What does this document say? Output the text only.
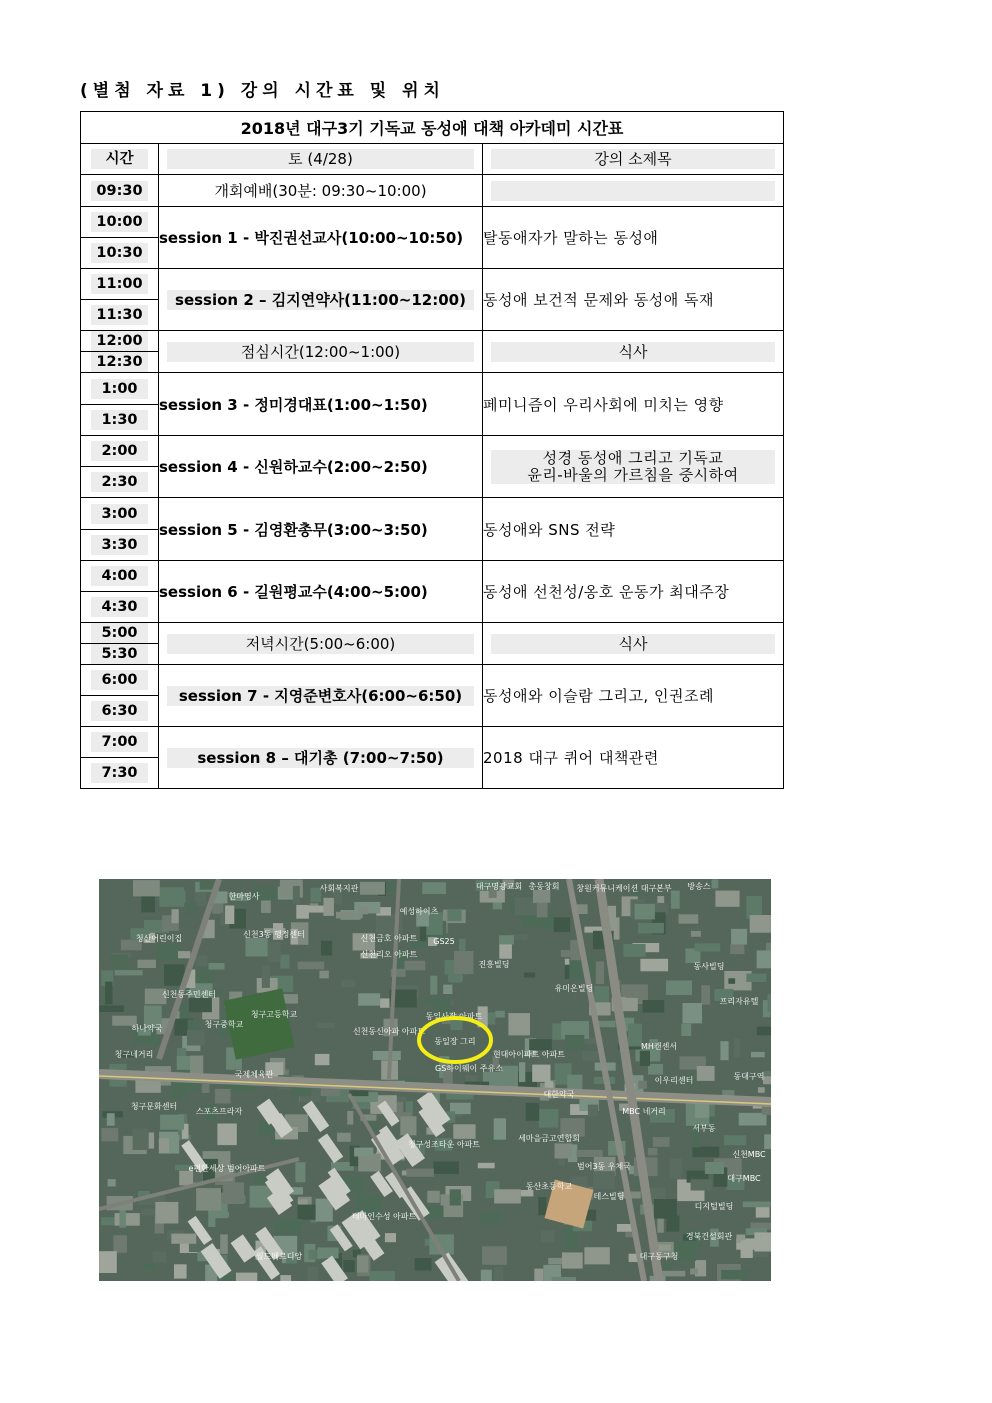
(별첨 자료 1) 강의 시간표 및 위치
2018년 대구3기 기독교 동성애 대책 아카데미 시간표		

시간	토 (4/28)	강의 소제목

09:30	개회예배(30분: 09:30~10:00)	

10:00	session 1 - 박진권선교사(10:00~10:50)	탈동애자가 말하는 동성애

10:30		

11:00	session 2 – 김지연약사(11:00~12:00)	동성애 보건적 문제와 동성애 독재

11:30		

12:00	점심시간(12:00~1:00)	식사

12:30		

1:00	session 3 - 정미경대표(1:00~1:50)	페미니즘이 우리사회에 미치는 영향

1:30		

2:00	session 4 - 신원하교수(2:00~2:50)	성경 동성애 그리고 기독교
윤리-바울의 가르침을 중시하여

2:30		

3:00	session 5 - 김영환총무(3:00~3:50)	동성애와 SNS 전략

3:30		

4:00	session 6 - 길원평교수(4:00~5:00)	동성애 선천성/옹호 운동가 최대주장

4:30		

5:00	저녁시간(5:00~6:00)	식사

5:30		

6:00	session 7 - 지영준변호사(6:00~6:50)	동성애와 이슬람 그리고, 인권조례

6:30		

7:00	session 8 – 대기총 (7:00~7:50)	2018 대구 퀴어 대책관련

7:30		
사회복지관	대구명광교회 총동창회 창원커뮤니케이션 대구본부 방송스
한마영사
예성하이츠
신천3동 행정센터
GS25
신천금호 아파트
신천리오 아파트
진흥빌딩
유미온빌딩
청산어린이집
동사빌딩
신천동주민센터
청구고등학교
청구중학교
동일사장 아파트
프리자유텔
하나약국	신천동신아파 아파트
현대아이파트 아파트
MH캔센서
GS하이웨이 주유소
동대구역
청구네거리
국제체육관
대한약국
이우리센터
청구문화센터
스포츠프라자
청구성조타운 아파트
MBC 네거리
세마을금고연합회
서부동
신천MBC
e편한세상 범어아파트	범어3동 우체국
대구MBC
동산초등학교
테스빌딩
디지털빌딩
테마인수성 아파트
경북건설회관
월드메르디앙	대구동구청
동일장 그리
